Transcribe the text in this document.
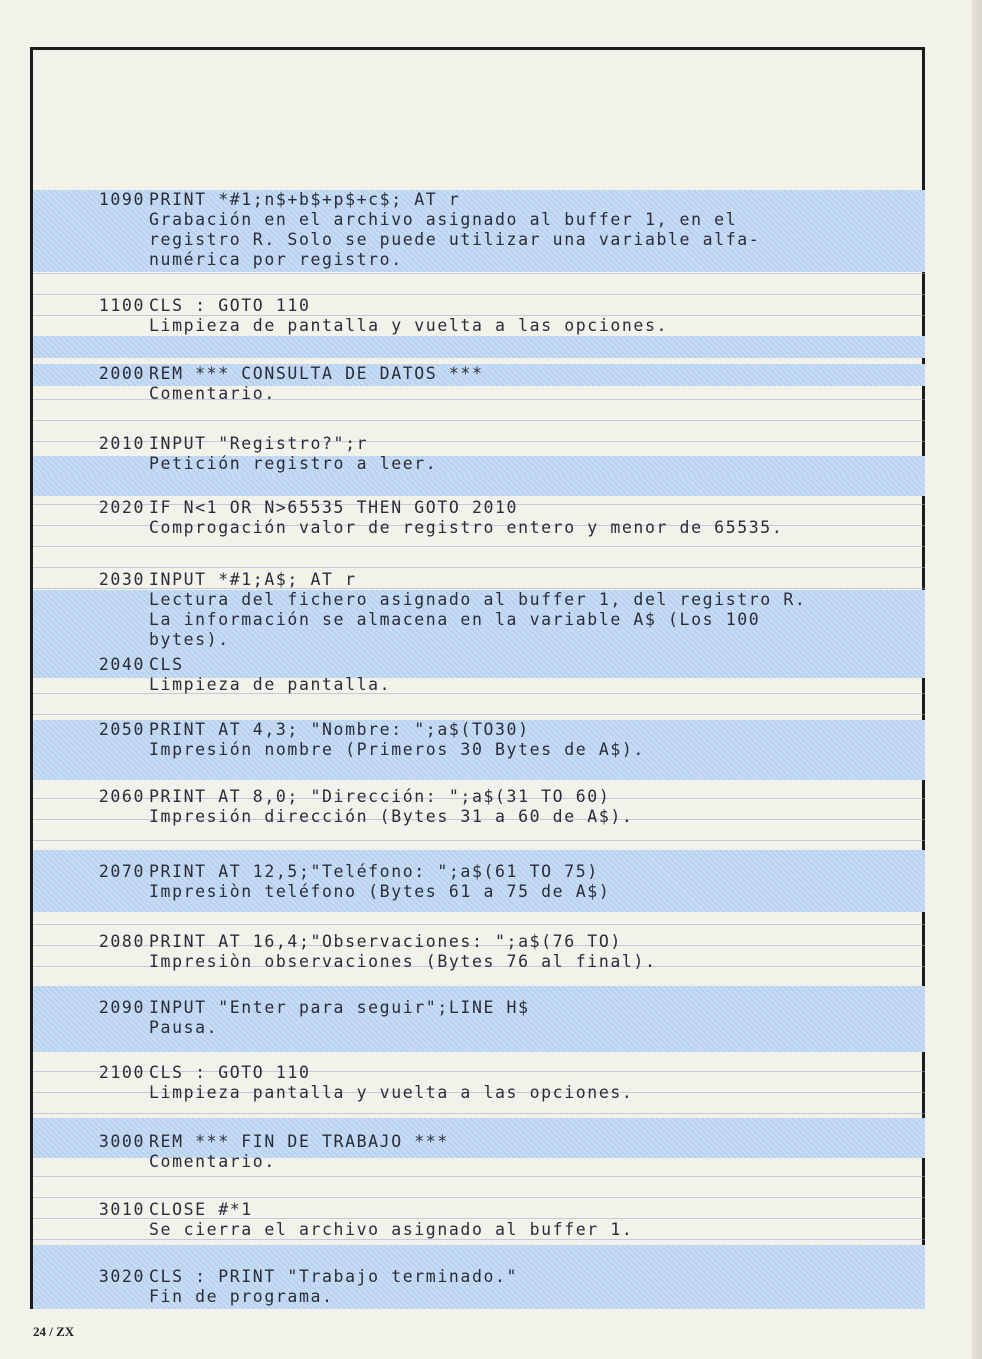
1090 PRINT *#1;n$+b$+p$+c$; AT r
Grabación en el archivo asignado al buffer 1, en el
registro R. Solo se puede utilizar una variable alfa-
numérica por registro.
1100 CLS : GOTO 110
Limpieza de pantalla y vuelta a las opciones.
2000 REM *** CONSULTA DE DATOS ***
Comentario.
2010 INPUT "Registro?";r
Petición registro a leer.
2020 IF N<1 OR N>65535 THEN GOTO 2010
Comprogación valor de registro entero y menor de 65535.
2030 INPUT *#1;A$; AT r
Lectura del fichero asignado al buffer 1, del registro R.
La información se almacena en la variable A$ (Los 100
bytes).
2040 CLS
Limpieza de pantalla.
2050 PRINT AT 4,3; "Nombre: ";a$(TO30)
Impresión nombre (Primeros 30 Bytes de A$).
2060 PRINT AT 8,0; "Dirección: ";a$(31 TO 60)
Impresión dirección (Bytes 31 a 60 de A$).
2070 PRINT AT 12,5;"Teléfono: ";a$(61 TO 75)
Impresiòn teléfono (Bytes 61 a 75 de A$)
2080 PRINT AT 16,4;"Observaciones: ";a$(76 TO)
Impresiòn observaciones (Bytes 76 al final).
2090 INPUT "Enter para seguir";LINE H$
Pausa.
2100 CLS : GOTO 110
Limpieza pantalla y vuelta a las opciones.
3000 REM *** FIN DE TRABAJO ***
Comentario.
3010 CLOSE #*1
Se cierra el archivo asignado al buffer 1.
3020 CLS : PRINT "Trabajo terminado."
Fin de programa.
24 / ZX
